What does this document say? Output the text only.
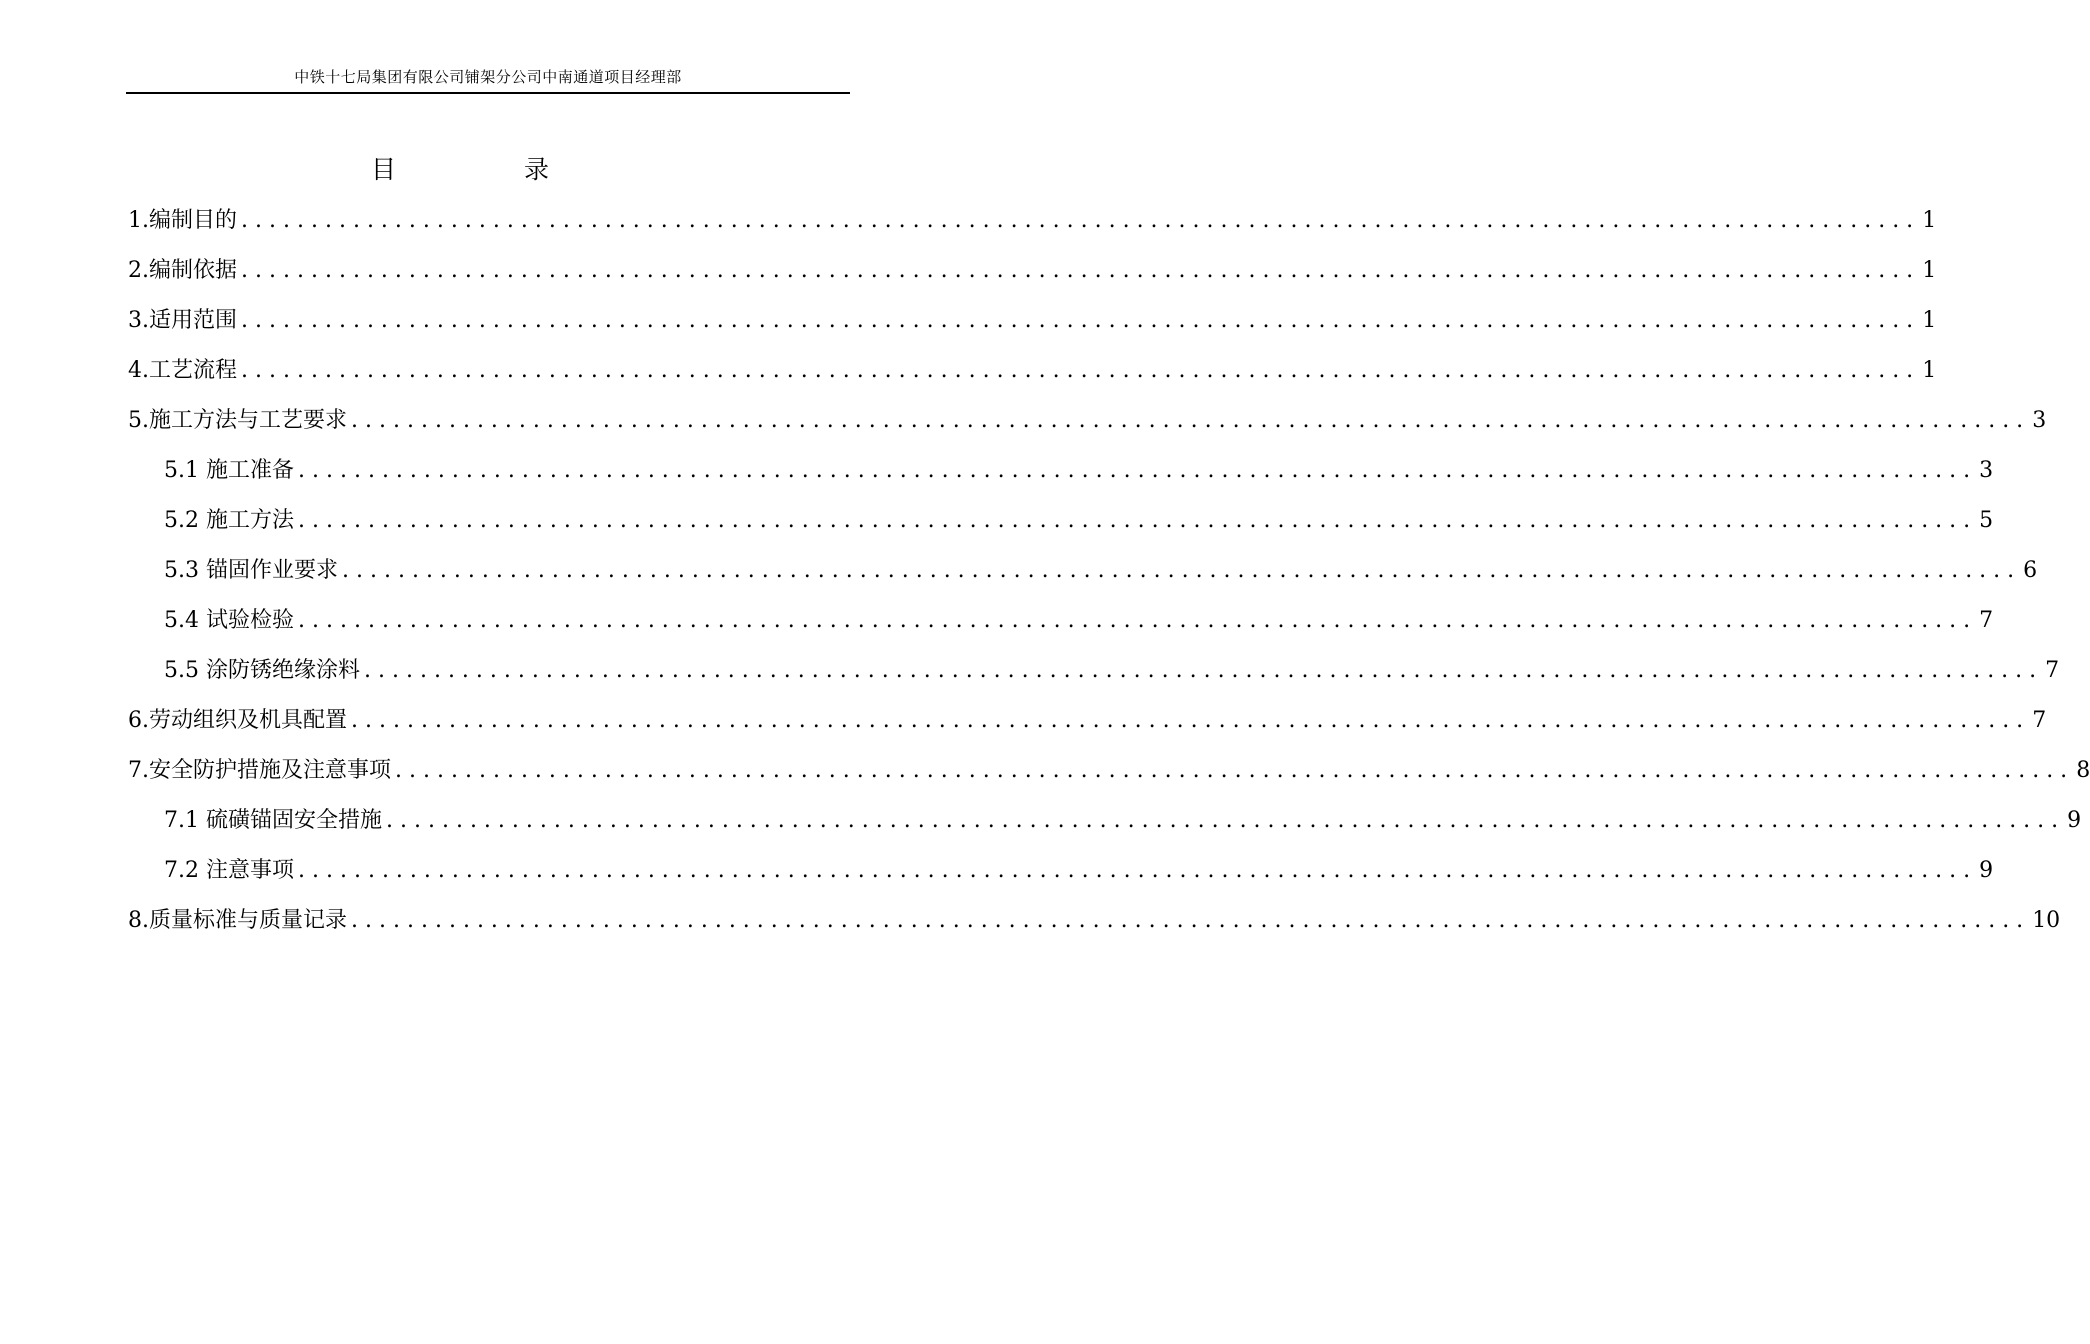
中铁十七局集团有限公司铺架分公司中南通道项目经理部
目 录
1.编制目的 ........................................................................................................................ 1
2.编制依据 ........................................................................................................................ 1
3.适用范围 ........................................................................................................................ 1
4.工艺流程 ........................................................................................................................ 1
5.施工方法与工艺要求 ........................................................................................................................ 3
5.1 施工准备 ........................................................................................................................ 3
5.2 施工方法 ........................................................................................................................ 5
5.3 锚固作业要求 ........................................................................................................................ 6
5.4 试验检验 ........................................................................................................................ 7
5.5 涂防锈绝缘涂料 ........................................................................................................................ 7
6.劳动组织及机具配置 ........................................................................................................................ 7
7.安全防护措施及注意事项 ........................................................................................................................ 8
7.1 硫磺锚固安全措施 ........................................................................................................................ 9
7.2 注意事项 ........................................................................................................................ 9
8.质量标准与质量记录 ........................................................................................................................ 10
